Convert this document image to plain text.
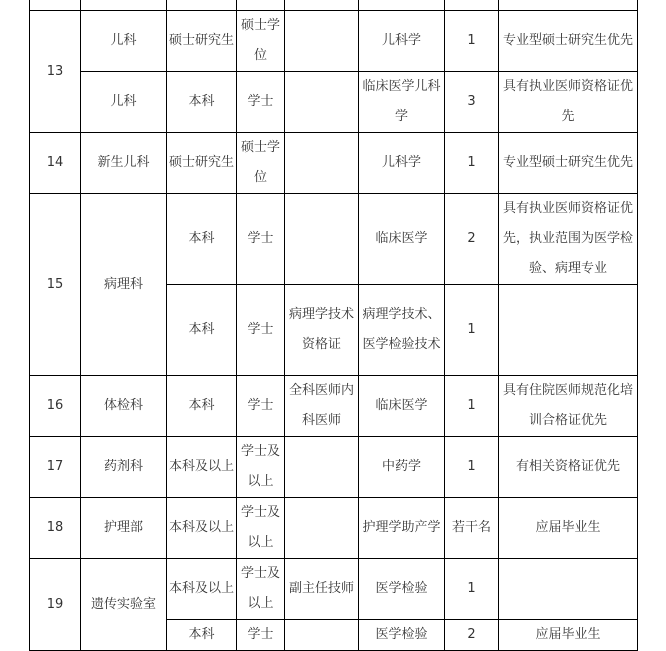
13	儿科	硕士研究生	硕士学位		儿科学	1	专业型硕士研究生优先
	儿科	本科	学士		临床医学儿科学	3	具有执业医师资格证优先
14	新生儿科	硕士研究生	硕士学位		儿科学	1	专业型硕士研究生优先
15	病理科	本科	学士		临床医学	2	具有执业医师资格证优先，执业范围为医学检验、病理专业
		本科	学士	病理学技术资格证	病理学技术、医学检验技术	1	
16	体检科	本科	学士	全科医师内科医师	临床医学	1	具有住院医师规范化培训合格证优先
17	药剂科	本科及以上	学士及以上		中药学	1	有相关资格证优先
18	护理部	本科及以上	学士及以上		护理学助产学	若干名	应届毕业生
19	遗传实验室	本科及以上	学士及以上	副主任技师	医学检验	1	
		本科	学士		医学检验	2	应届毕业生
